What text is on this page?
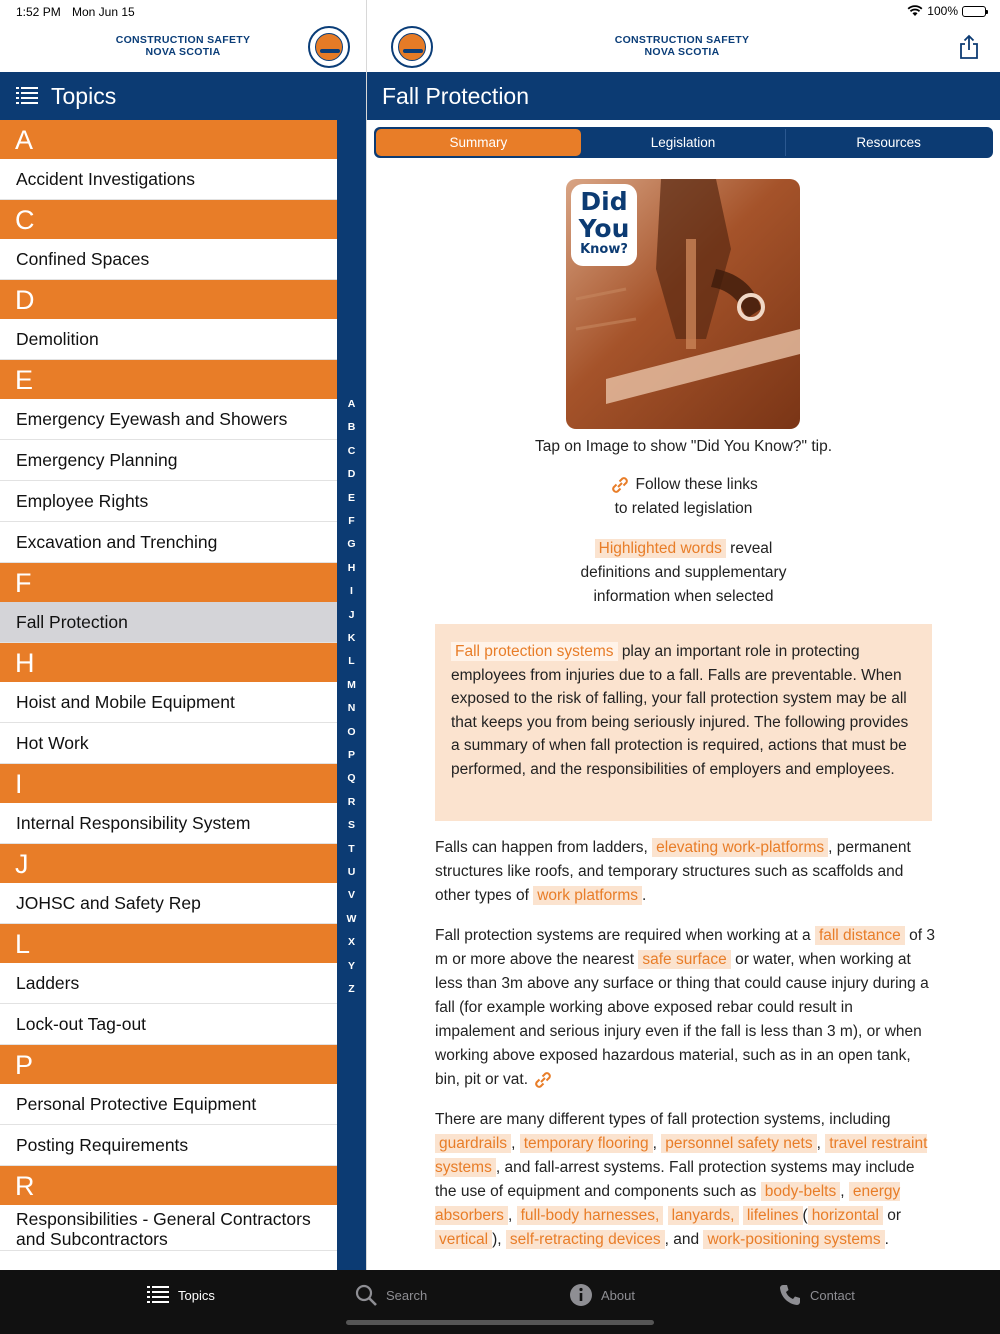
1:52 PM Mon Jun 15	100%
CONSTRUCTION SAFETY
NOVA SCOTIA
CONSTRUCTION SAFETY
NOVA SCOTIA
Topics	Fall Protection
A
Accident Investigations
C
Confined Spaces
D
Demolition
E
Emergency Eyewash and Showers
Emergency Planning
Employee Rights
Excavation and Trenching
F
Fall Protection
H
Hoist and Mobile Equipment
Hot Work
I
Internal Responsibility System
J
JOHSC and Safety Rep
L
Ladders
Lock-out Tag-out
P
Personal Protective Equipment
Posting Requirements
R
Responsibilities - General Contractors and Subcontractors
A
B
C
D
E
F
G
H
I
J
K
L
M
N
O
P
Q
R
S
T
U
V
W
X
Y
Z
Summary	Legislation	Resources
Did
You
Know?
Tap on Image to show "Did You Know?" tip.
Follow these links
to related legislation
Highlighted words reveal
definitions and supplementary
information when selected
Fall protection systems play an important role in protecting employees from injuries due to a fall. Falls are preventable. When exposed to the risk of falling, your fall protection system may be all that keeps you from being seriously injured. The following provides a summary of when fall protection is required, actions that must be performed, and the responsibilities of employers and employees.
Falls can happen from ladders, elevating work-platforms , permanent structures like roofs, and temporary structures such as scaffolds and other types of work platforms .
Fall protection systems are required when working at a fall distance of 3 m or more above the nearest safe surface or water, when working at less than 3m above any surface or thing that could cause injury during a fall (for example working above exposed rebar could result in impalement and serious injury even if the fall is less than 3 m), or when working above exposed hazardous material, such as in an open tank, bin, pit or vat.
There are many different types of fall protection systems, including guardrails , temporary flooring , personnel safety nets , travel restraint systems , and fall-arrest systems. Fall protection systems may include the use of equipment and components such as body-belts , energy absorbers , full-body harnesses, lanyards, lifelines ( horizontal or vertical ), self-retracting devices , and work-positioning systems .
Topics	Search	About	Contact
